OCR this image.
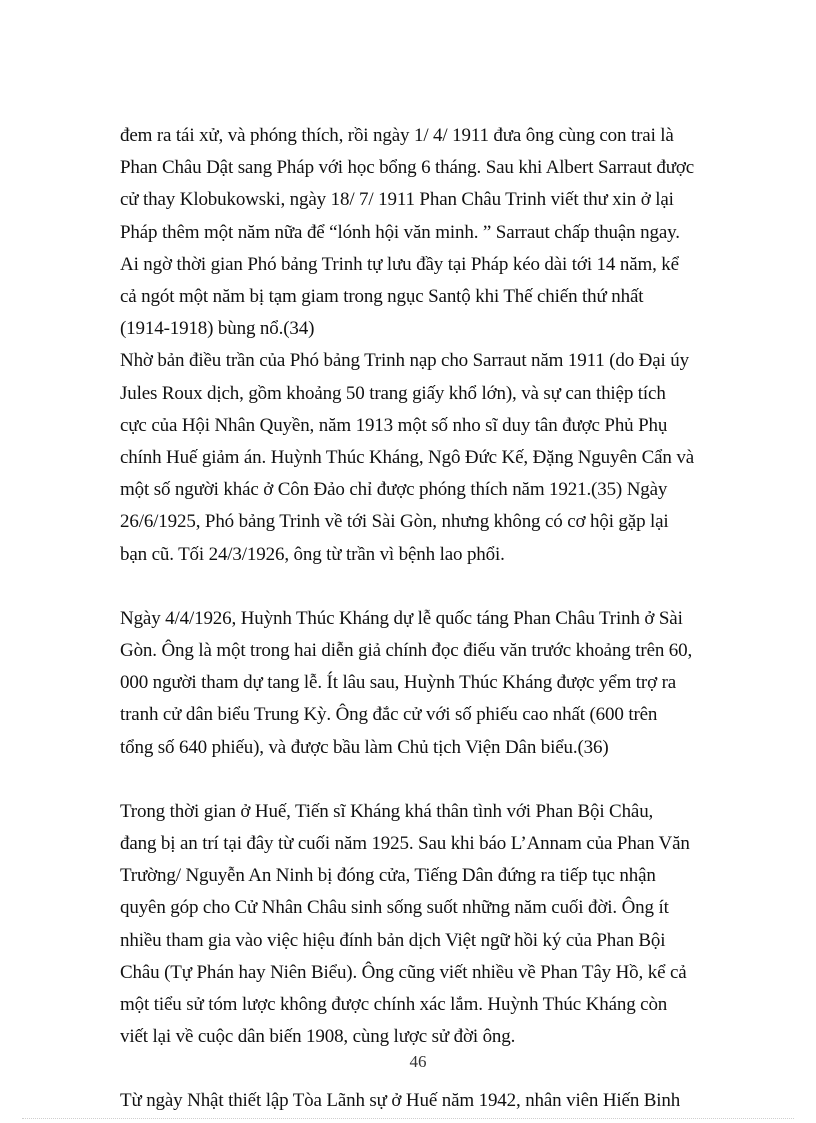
đem ra tái xử, và phóng thích, rồi ngày 1/ 4/ 1911 đưa ông cùng con trai là
Phan Châu Dật sang Pháp với học bổng 6 tháng. Sau khi Albert Sarraut được
cử thay Klobukowski, ngày 18/ 7/ 1911 Phan Châu Trinh viết thư xin ở lại
Pháp thêm một năm nữa để “lónh hội văn minh. ” Sarraut chấp thuận ngay.
Ai ngờ thời gian Phó bảng Trinh tự lưu đầy tại Pháp kéo dài tới 14 năm, kể
cả ngót một năm bị tạm giam trong ngục Santộ khi Thế chiến thứ nhất
(1914-1918) bùng nổ.(34)

Nhờ bản điều trần của Phó bảng Trinh nạp cho Sarraut năm 1911 (do Đại úy
Jules Roux dịch, gồm khoảng 50 trang giấy khổ lớn), và sự can thiệp tích
cực của Hội Nhân Quyền, năm 1913 một số nho sĩ duy tân được Phủ Phụ
chính Huế giảm án. Huỳnh Thúc Kháng, Ngô Đức Kế, Đặng Nguyên Cẩn và
một số người khác ở Côn Đảo chỉ được phóng thích năm 1921.(35) Ngày
26/6/1925, Phó bảng Trinh về tới Sài Gòn, nhưng không có cơ hội gặp lại
bạn cũ. Tối 24/3/1926, ông từ trần vì bệnh lao phổi.

Ngày 4/4/1926, Huỳnh Thúc Kháng dự lễ quốc táng Phan Châu Trinh ở Sài
Gòn. Ông là một trong hai diễn giả chính đọc điếu văn trước khoảng trên 60,
000 người tham dự tang lễ. Ít lâu sau, Huỳnh Thúc Kháng được yểm trợ ra
tranh cử dân biểu Trung Kỳ. Ông đắc cử với số phiếu cao nhất (600 trên
tổng số 640 phiếu), và được bầu làm Chủ tịch Viện Dân biểu.(36)

Trong thời gian ở Huế, Tiến sĩ Kháng khá thân tình với Phan Bội Châu,
đang bị an trí tại đây từ cuối năm 1925. Sau khi báo L’Annam của Phan Văn
Trường/ Nguyễn An Ninh bị đóng cửa, Tiếng Dân đứng ra tiếp tục nhận
quyên góp cho Cử Nhân Châu sinh sống suốt những năm cuối đời. Ông ít
nhiều tham gia vào việc hiệu đính bản dịch Việt ngữ hồi ký của Phan Bội
Châu (Tự Phán hay Niên Biểu). Ông cũng viết nhiều về Phan Tây Hồ, kể cả
một tiểu sử tóm lược không được chính xác lắm. Huỳnh Thúc Kháng còn
viết lại về cuộc dân biến 1908, cùng lược sử đời ông.

Từ ngày Nhật thiết lập Tòa Lãnh sự ở Huế năm 1942, nhân viên Hiến Binh

46
